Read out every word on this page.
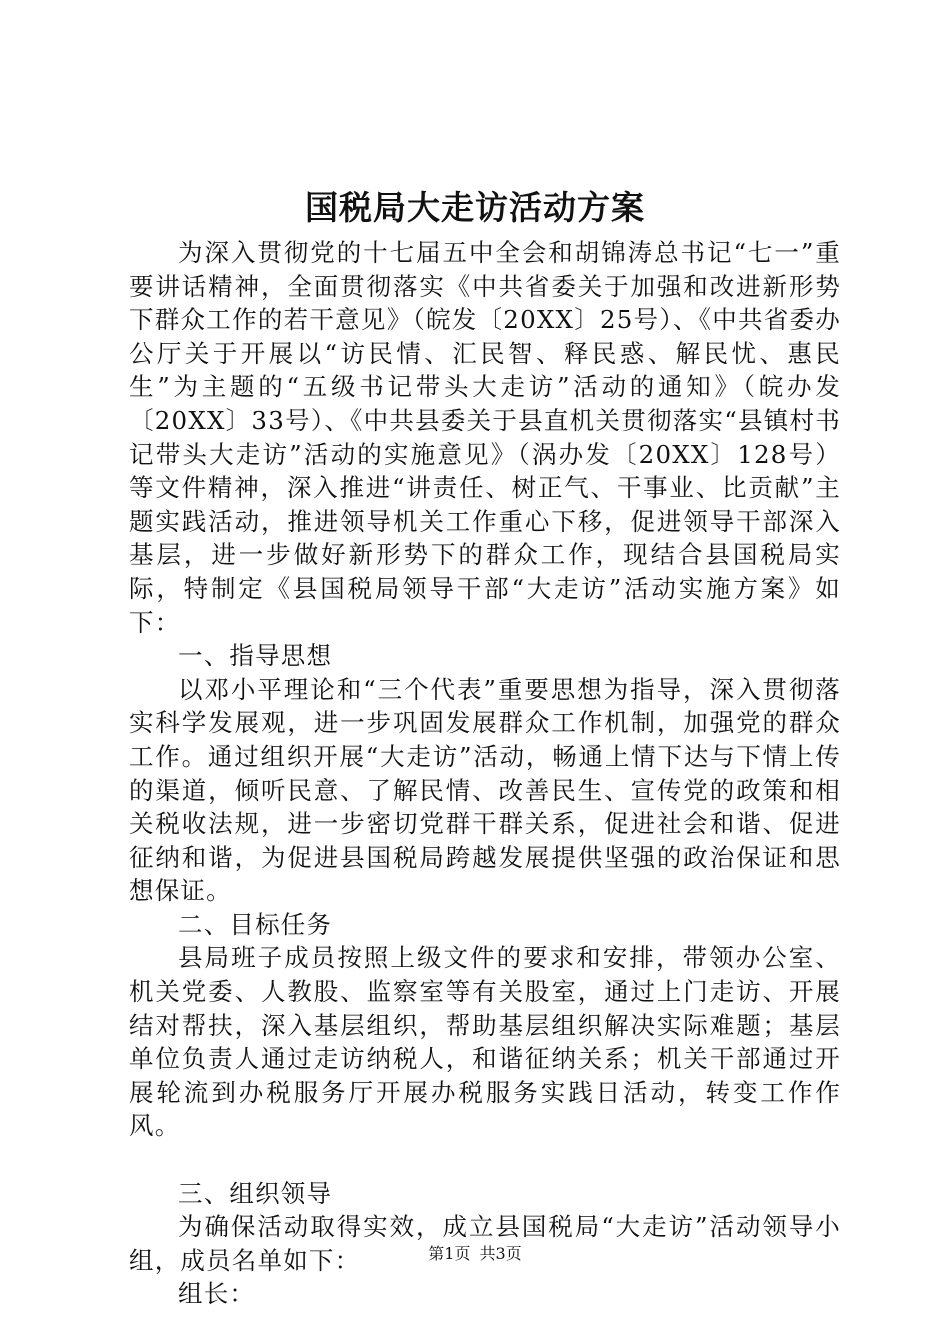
国税局大走访活动方案

为深入贯彻党的十七届五中全会和胡锦涛总书记“七一”重要讲话精神，全面贯彻落实《中共省委关于加强和改进新形势下群众工作的若干意见》（皖发〔20XX〕25号）、《中共省委办公厅关于开展以“访民情、汇民智、释民惑、解民忧、惠民生”为主题的“五级书记带头大走访”活动的通知》（皖办发〔20XX〕33号）、《中共县委关于县直机关贯彻落实“县镇村书记带头大走访”活动的实施意见》（涡办发〔20XX〕128号）等文件精神，深入推进“讲责任、树正气、干事业、比贡献”主题实践活动，推进领导机关工作重心下移，促进领导干部深入基层，进一步做好新形势下的群众工作，现结合县国税局实际，特制定《县国税局领导干部“大走访”活动实施方案》如下：

一、指导思想

以邓小平理论和“三个代表”重要思想为指导，深入贯彻落实科学发展观，进一步巩固发展群众工作机制，加强党的群众工作。通过组织开展“大走访”活动，畅通上情下达与下情上传的渠道，倾听民意、了解民情、改善民生、宣传党的政策和相关税收法规，进一步密切党群干群关系，促进社会和谐、促进征纳和谐，为促进县国税局跨越发展提供坚强的政治保证和思想保证。

二、目标任务

县局班子成员按照上级文件的要求和安排，带领办公室、机关党委、人教股、监察室等有关股室，通过上门走访、开展结对帮扶，深入基层组织，帮助基层组织解决实际难题；基层单位负责人通过走访纳税人，和谐征纳关系；机关干部通过开展轮流到办税服务厅开展办税服务实践日活动，转变工作作风。

三、组织领导

为确保活动取得实效，成立县国税局“大走访”活动领导小组，成员名单如下：

组长：

第1页 共3页
